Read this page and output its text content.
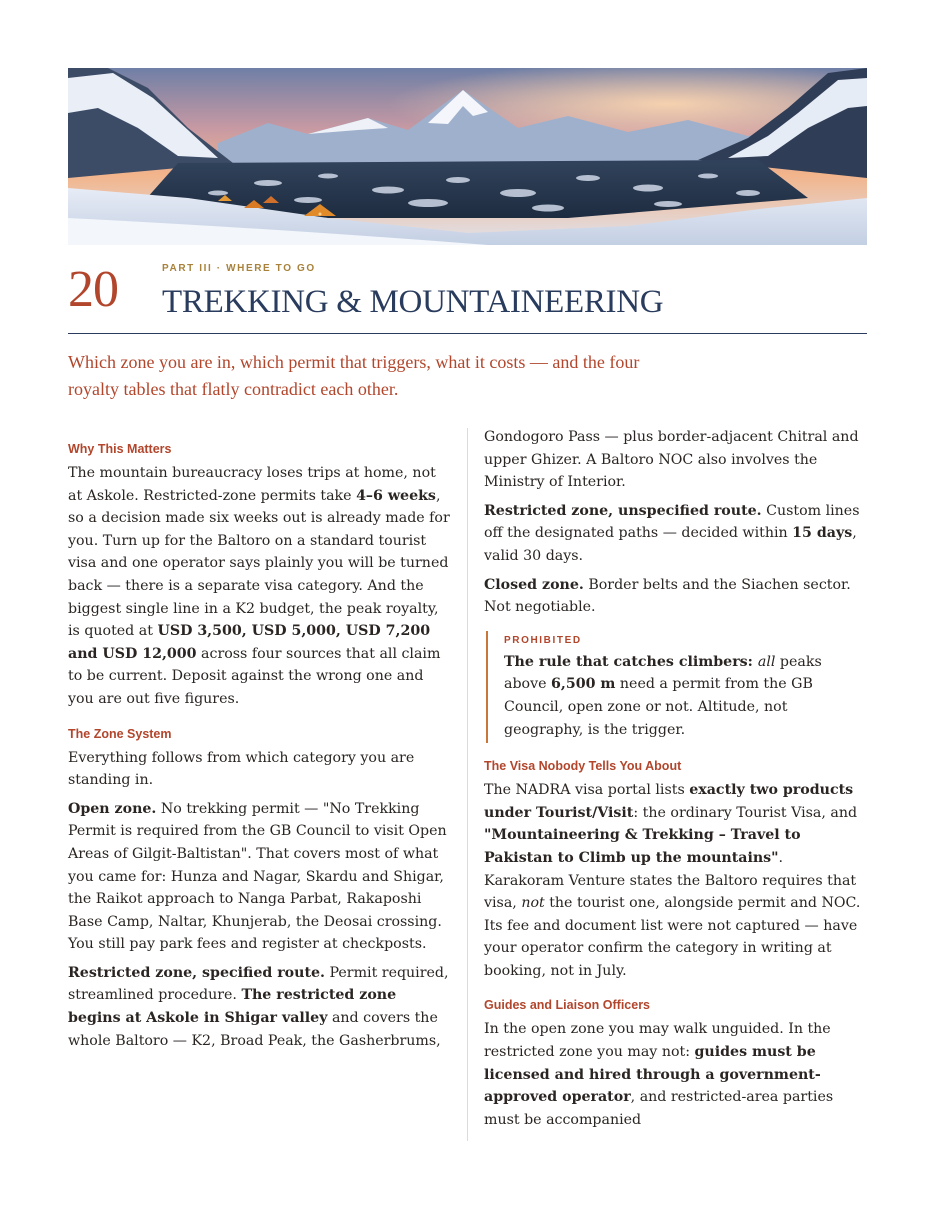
20	PART III · WHERE TO GO
TREKKING & MOUNTAINEERING
Which zone you are in, which permit that triggers, what it costs — and the four royalty tables that flatly contradict each other.
Why This Matters

The mountain bureaucracy loses trips at home, not at Askole. Restricted-zone permits take 4–6 weeks, so a decision made six weeks out is already made for you. Turn up for the Baltoro on a standard tourist visa and one operator says plainly you will be turned back — there is a separate visa category. And the biggest single line in a K2 budget, the peak royalty, is quoted at USD 3,500, USD 5,000, USD 7,200 and USD 12,000 across four sources that all claim to be current. Deposit against the wrong one and you are out five figures.

The Zone System

Everything follows from which category you are standing in.

Open zone. No trekking permit — "No Trekking Permit is required from the GB Council to visit Open Areas of Gilgit-Baltistan". That covers most of what you came for: Hunza and Nagar, Skardu and Shigar, the Raikot approach to Nanga Parbat, Rakaposhi Base Camp, Naltar, Khunjerab, the Deosai crossing. You still pay park fees and register at checkposts.

Restricted zone, specified route. Permit required, streamlined procedure. The restricted zone begins at Askole in Shigar valley and covers the whole Baltoro — K2, Broad Peak, the Gasherbrums,

Gondogoro Pass — plus border-adjacent Chitral and upper Ghizer. A Baltoro NOC also involves the Ministry of Interior.

Restricted zone, unspecified route. Custom lines off the designated paths — decided within 15 days, valid 30 days.

Closed zone. Border belts and the Siachen sector. Not negotiable.

PROHIBITED
The rule that catches climbers: all peaks above 6,500 m need a permit from the GB Council, open zone or not. Altitude, not geography, is the trigger.
The Visa Nobody Tells You About

The NADRA visa portal lists exactly two products under Tourist/Visit: the ordinary Tourist Visa, and "Mountaineering & Trekking – Travel to Pakistan to Climb up the mountains". Karakoram Venture states the Baltoro requires that visa, not the tourist one, alongside permit and NOC. Its fee and document list were not captured — have your operator confirm the category in writing at booking, not in July.

Guides and Liaison Officers

In the open zone you may walk unguided. In the restricted zone you may not: guides must be licensed and hired through a government-approved operator, and restricted-area parties must be accompanied
